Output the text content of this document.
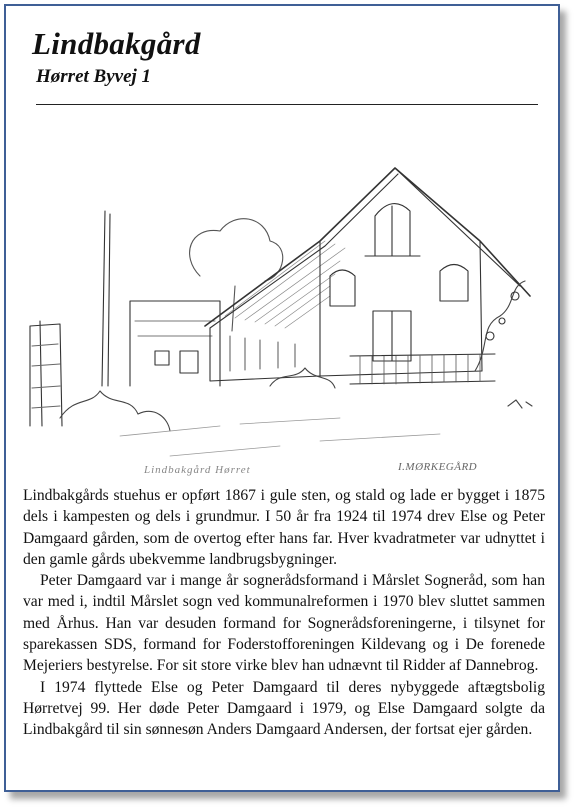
Lindbakgård
Hørret Byvej 1
Lindbakgård Hørret	I.MØRKEGÅRD

Lindbakgårds stuehus er opført 1867 i gule sten, og stald og lade er bygget i 1875 dels i kampesten og dels i grundmur. I 50 år fra 1924 til 1974 drev Else og Peter Damgaard gården, som de overtog efter hans far. Hver kvadratmeter var udnyttet i den gamle gårds ubekvemme landbrugsbygninger.

Peter Damgaard var i mange år sognerådsformand i Mårslet Sogneråd, som han var med i, indtil Mårslet sogn ved kommunalreformen i 1970 blev sluttet sammen med Århus. Han var desuden formand for Sognerådsforeningerne, i tilsynet for sparekassen SDS, formand for Foderstofforeningen Kildevang og i De forenede Mejeriers bestyrelse. For sit store virke blev han udnævnt til Ridder af Dannebrog.

I 1974 flyttede Else og Peter Damgaard til deres nybyggede aftægtsbolig Hørretvej 99. Her døde Peter Damgaard i 1979, og Else Damgaard solgte da Lindbakgård til sin sønnesøn Anders Damgaard Andersen, der fortsat ejer gården.
